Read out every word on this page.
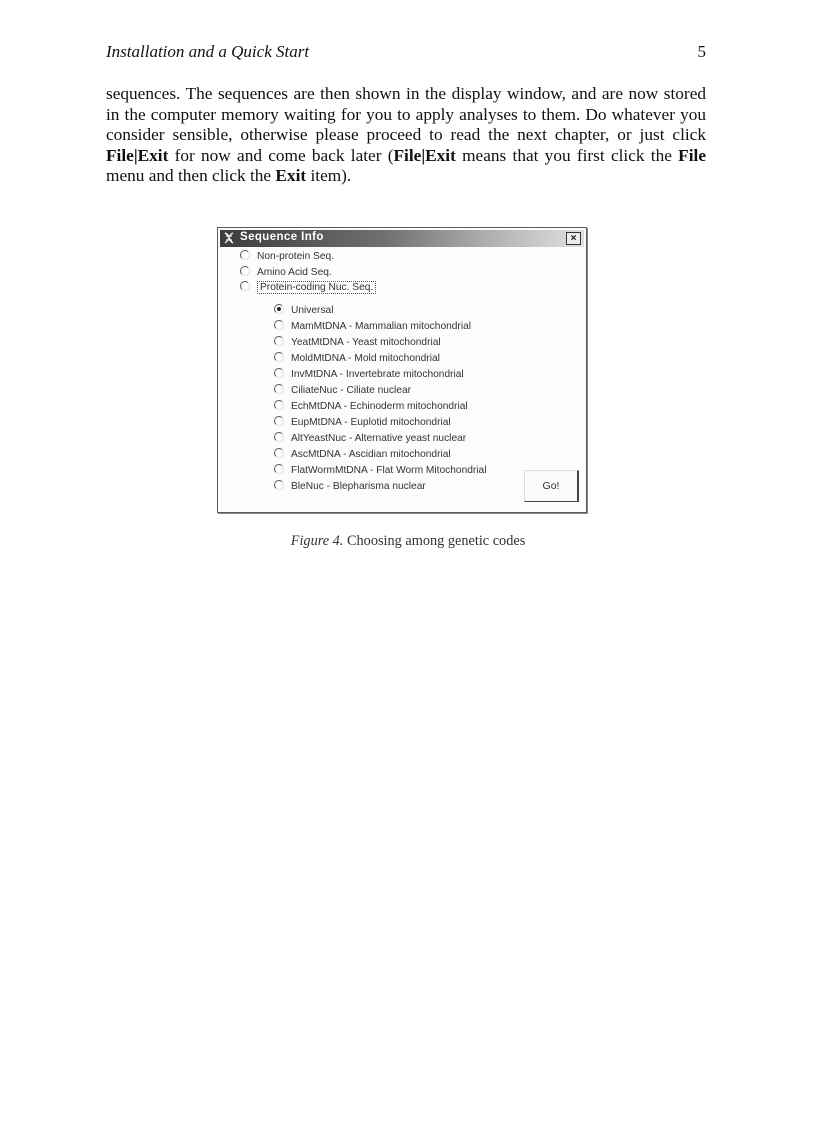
Installation and a Quick Start	5
sequences. The sequences are then shown in the display window, and are now stored in the computer memory waiting for you to apply analyses to them. Do whatever you consider sensible, otherwise please proceed to read the next chapter, or just click File|Exit for now and come back later (File|Exit means that you first click the File menu and then click the Exit item).
Sequence Info	×
Non-protein Seq.
Amino Acid Seq.
Protein-coding Nuc. Seq.
Universal
MamMtDNA - Mammalian mitochondrial
YeatMtDNA - Yeast mitochondrial
MoldMtDNA - Mold mitochondrial
InvMtDNA - Invertebrate mitochondrial
CiliateNuc - Ciliate nuclear
EchMtDNA - Echinoderm mitochondrial
EupMtDNA - Euplotid mitochondrial
AltYeastNuc - Alternative yeast nuclear
AscMtDNA - Ascidian mitochondrial
FlatWormMtDNA - Flat Worm Mitochondrial
BleNuc - Blepharisma nuclear	Go!
Figure 4. Choosing among genetic codes
